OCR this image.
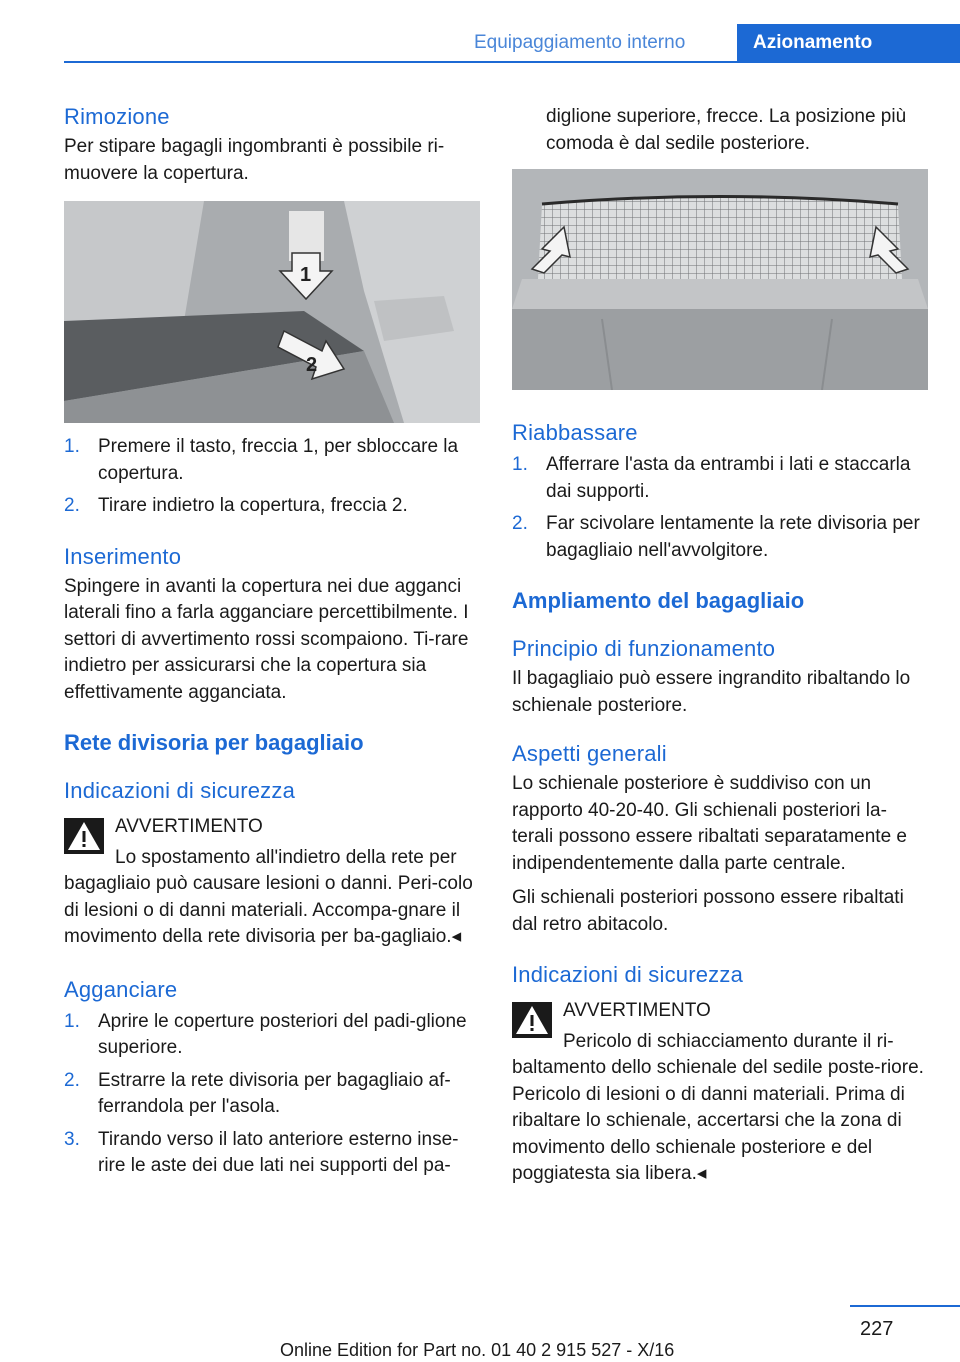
Equipaggiamento interno	Azionamento
Rimozione

Per stipare bagagli ingombranti è possibile ri-muovere la copertura.

1
2
1. Premere il tasto, freccia 1, per sbloccare la copertura.
2. Tirare indietro la copertura, freccia 2.
Inserimento

Spingere in avanti la copertura nei due agganci laterali fino a farla agganciare percettibilmente. I settori di avvertimento rossi scompaiono. Ti-rare indietro per assicurarsi che la copertura sia effettivamente agganciata.

Rete divisoria per bagagliaio
Indicazioni di sicurezza

AVVERTIMENTO

Lo spostamento all'indietro della rete per bagagliaio può causare lesioni o danni. Peri-colo di lesioni o di danni materiali. Accompa-gnare il movimento della rete divisoria per ba-gagliaio.◂

Agganciare
1. Aprire le coperture posteriori del padi-glione superiore.
2. Estrarre la rete divisoria per bagagliaio af-ferrandola per l'asola.
3. Tirando verso il lato anteriore esterno inse-rire le aste dei due lati nei supporti del pa-

diglione superiore, frecce. La posizione più comoda è dal sedile posteriore.

Riabbassare
1. Afferrare l'asta da entrambi i lati e staccarla dai supporti.
2. Far scivolare lentamente la rete divisoria per bagagliaio nell'avvolgitore.
Ampliamento del bagagliaio
Principio di funzionamento

Il bagagliaio può essere ingrandito ribaltando lo schienale posteriore.

Aspetti generali

Lo schienale posteriore è suddiviso con un rapporto 40-20-40. Gli schienali posteriori la-terali possono essere ribaltati separatamente e indipendentemente dalla parte centrale.

Gli schienali posteriori possono essere ribaltati dal retro abitacolo.

Indicazioni di sicurezza

AVVERTIMENTO

Pericolo di schiacciamento durante il ri-baltamento dello schienale del sedile poste-riore. Pericolo di lesioni o di danni materiali. Prima di ribaltare lo schienale, accertarsi che la zona di movimento dello schienale posteriore e del poggiatesta sia libera.◂

227
Online Edition for Part no. 01 40 2 915 527 - X/16
